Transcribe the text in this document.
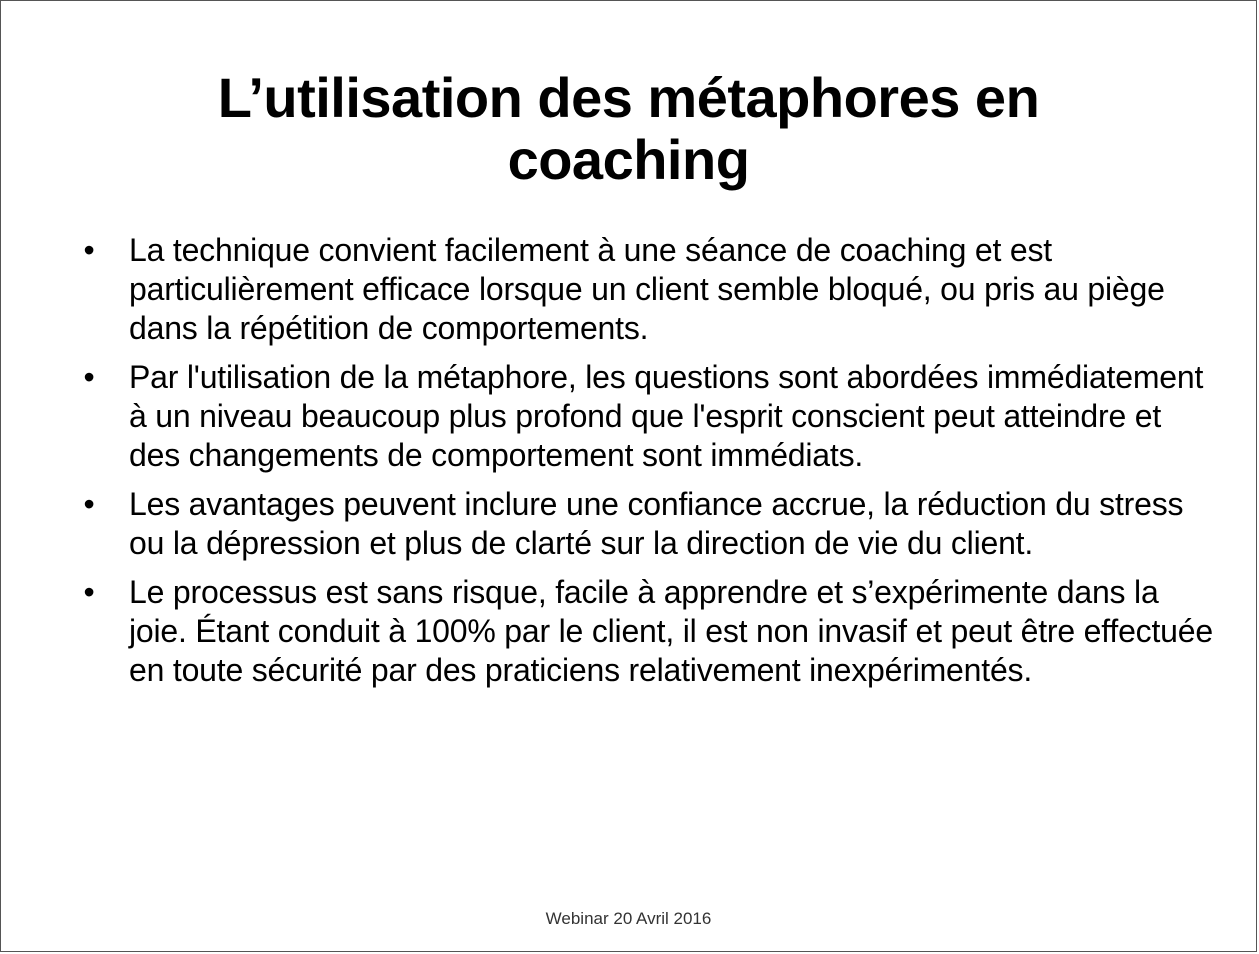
L’utilisation des métaphores en
coaching
• La technique convient facilement à une séance de coaching et est particulièrement efficace lorsque un client semble bloqué, ou pris au piège dans la répétition de comportements.
• Par l'utilisation de la métaphore, les questions sont abordées immédiatement à un niveau beaucoup plus profond que l'esprit conscient peut atteindre et des changements de comportement sont immédiats.
• Les avantages peuvent inclure une confiance accrue, la réduction du stress ou la dépression et plus de clarté sur la direction de vie du client.
• Le processus est sans risque, facile à apprendre et s’expérimente dans la joie. Étant conduit à 100% par le client, il est non invasif et peut être effectuée en toute sécurité par des praticiens relativement inexpérimentés.
Webinar 20 Avril 2016
